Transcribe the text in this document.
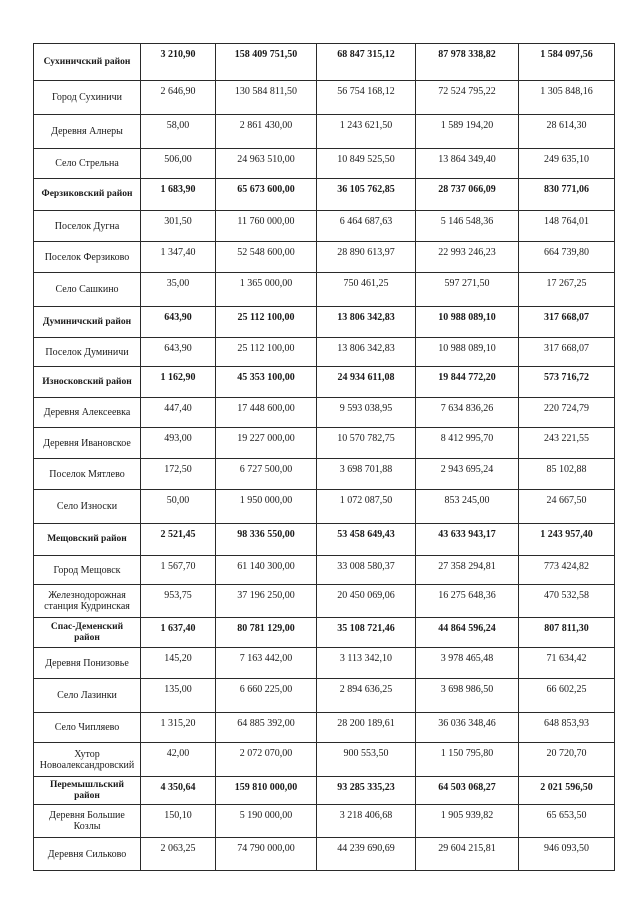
Сухиничский район	3 210,90	158 409 751,50	68 847 315,12	87 978 338,82	1 584 097,56
Город Сухиничи	2 646,90	130 584 811,50	56 754 168,12	72 524 795,22	1 305 848,16
Деревня Алнеры	58,00	2 861 430,00	1 243 621,50	1 589 194,20	28 614,30
Село Стрельна	506,00	24 963 510,00	10 849 525,50	13 864 349,40	249 635,10
Ферзиковский район	1 683,90	65 673 600,00	36 105 762,85	28 737 066,09	830 771,06
Поселок Дугна	301,50	11 760 000,00	6 464 687,63	5 146 548,36	148 764,01
Поселок Ферзиково	1 347,40	52 548 600,00	28 890 613,97	22 993 246,23	664 739,80
Село Сашкино	35,00	1 365 000,00	750 461,25	597 271,50	17 267,25
Думиничский район	643,90	25 112 100,00	13 806 342,83	10 988 089,10	317 668,07
Поселок Думиничи	643,90	25 112 100,00	13 806 342,83	10 988 089,10	317 668,07
Износковский район	1 162,90	45 353 100,00	24 934 611,08	19 844 772,20	573 716,72
Деревня Алексеевка	447,40	17 448 600,00	9 593 038,95	7 634 836,26	220 724,79
Деревня Ивановское	493,00	19 227 000,00	10 570 782,75	8 412 995,70	243 221,55
Поселок Мятлево	172,50	6 727 500,00	3 698 701,88	2 943 695,24	85 102,88
Село Износки	50,00	1 950 000,00	1 072 087,50	853 245,00	24 667,50
Мещовский район	2 521,45	98 336 550,00	53 458 649,43	43 633 943,17	1 243 957,40
Город Мещовск	1 567,70	61 140 300,00	33 008 580,37	27 358 294,81	773 424,82
Железнодорожная станция Кудринская	953,75	37 196 250,00	20 450 069,06	16 275 648,36	470 532,58
Спас-Деменский район	1 637,40	80 781 129,00	35 108 721,46	44 864 596,24	807 811,30
Деревня Понизовье	145,20	7 163 442,00	3 113 342,10	3 978 465,48	71 634,42
Село Лазинки	135,00	6 660 225,00	2 894 636,25	3 698 986,50	66 602,25
Село Чипляево	1 315,20	64 885 392,00	28 200 189,61	36 036 348,46	648 853,93
Хутор Новоалександровский	42,00	2 072 070,00	900 553,50	1 150 795,80	20 720,70
Перемышльский район	4 350,64	159 810 000,00	93 285 335,23	64 503 068,27	2 021 596,50
Деревня Большие Козлы	150,10	5 190 000,00	3 218 406,68	1 905 939,82	65 653,50
Деревня Сильково	2 063,25	74 790 000,00	44 239 690,69	29 604 215,81	946 093,50
